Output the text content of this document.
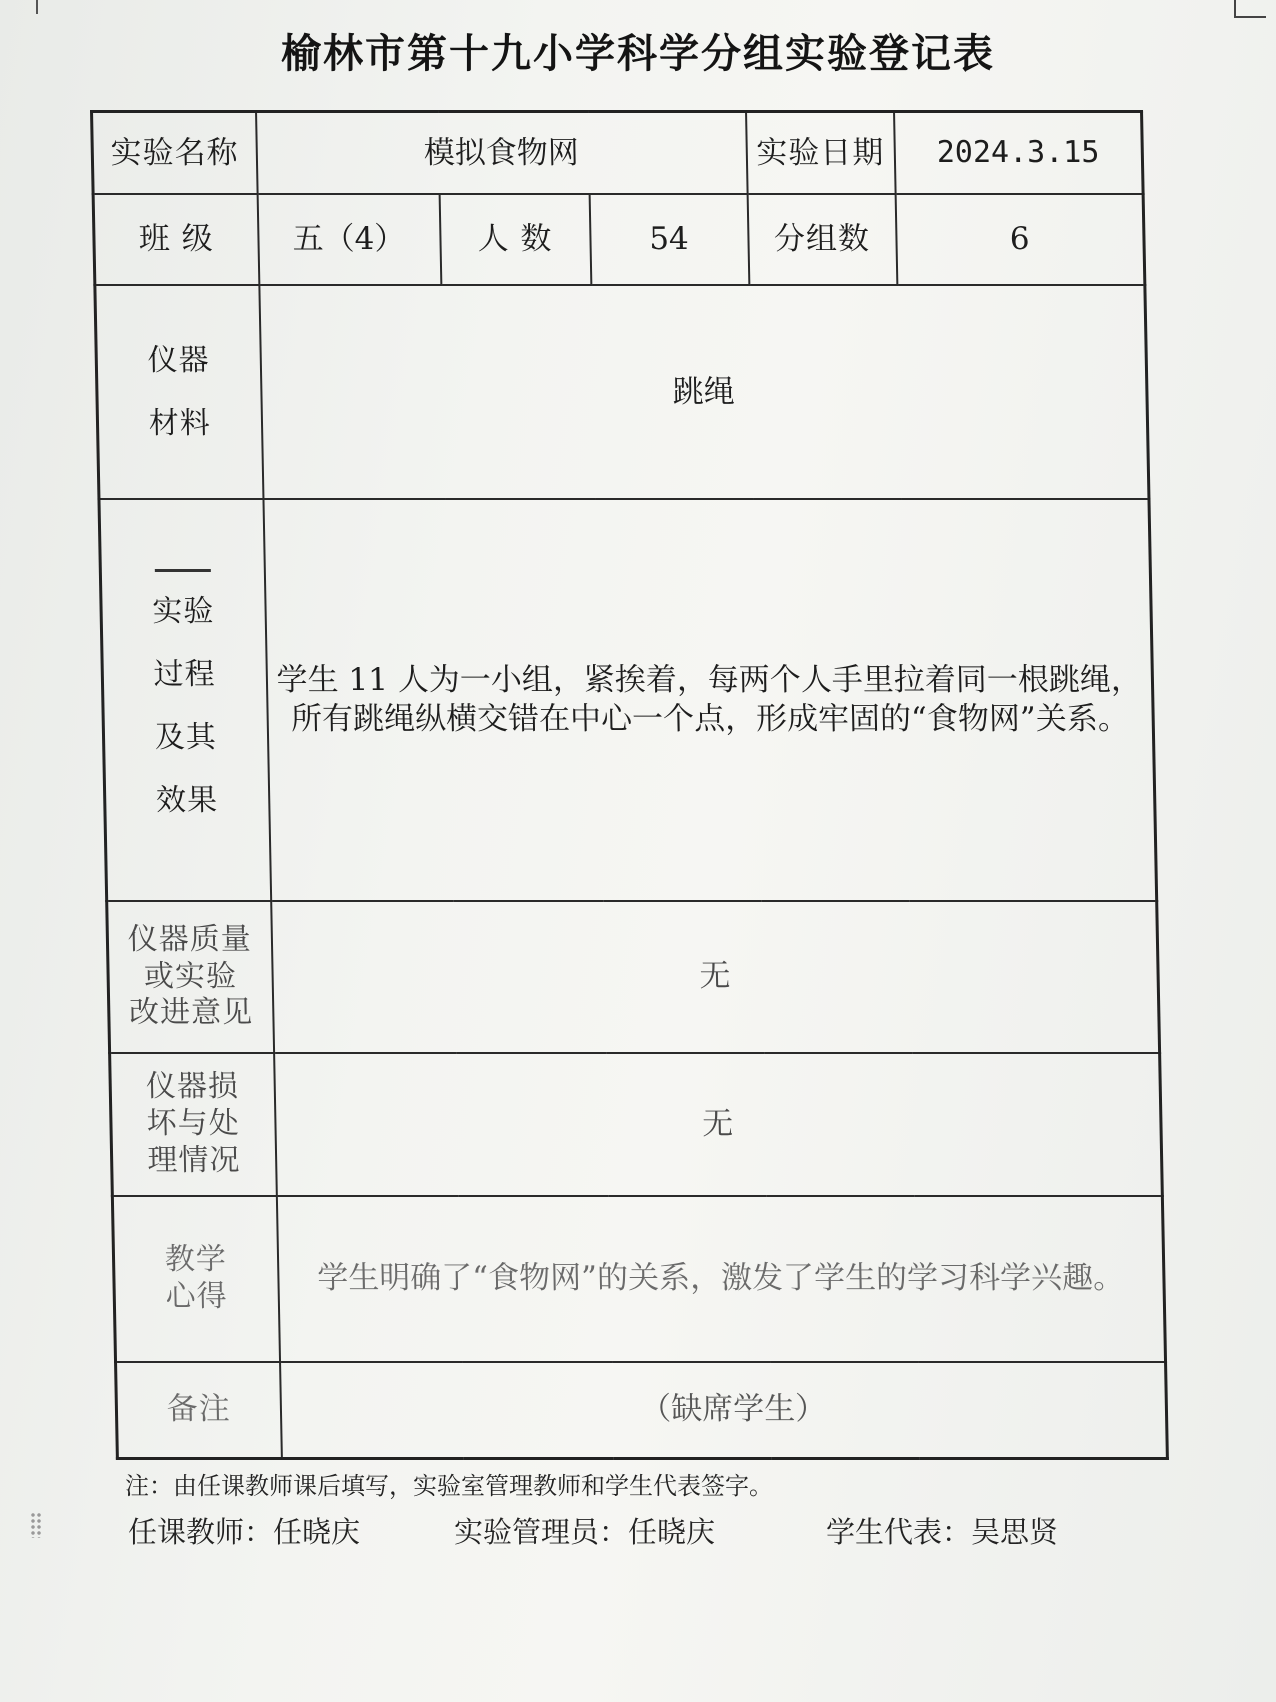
榆林市第十九小学科学分组实验登记表
实验名称	模拟食物网			实验日期	2024.3.15
班 级	五（4）	人 数	54	分组数	6

仪器
材料	跳绳				

实验
过程
及其
效果	学生 11 人为一小组，紧挨着，每两个人手里拉着同一根跳绳，所有跳绳纵横交错在中心一个点，形成牢固的“食物网”关系。				

仪器质量
或实验
改进意见	无				

仪器损
坏与处
理情况	无				

教学
心得	学生明确了“食物网”的关系，激发了学生的学习科学兴趣。				
备注	（缺席学生）				
注：由任课教师课后填写，实验室管理教师和学生代表签字。
任课教师：任晓庆	实验管理员：任晓庆	学生代表：吴思贤
